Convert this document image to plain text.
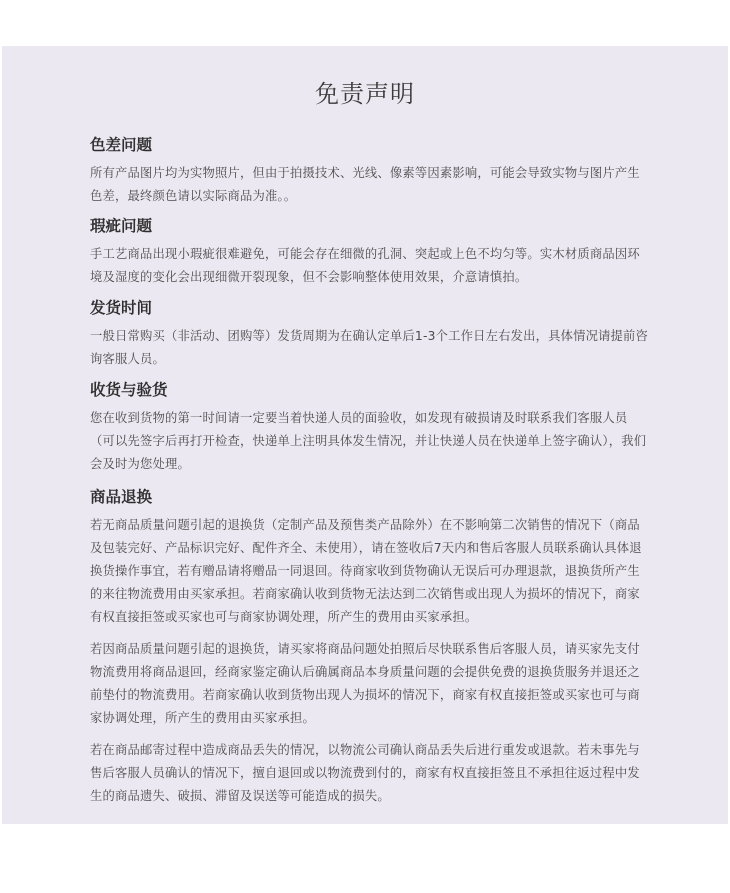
免责声明
色差问题

所有产品图片均为实物照片，但由于拍摄技术、光线、像素等因素影响，可能会导致实物与图片产生色差，最终颜色请以实际商品为准。。

瑕疵问题

手工艺商品出现小瑕疵很难避免，可能会存在细微的孔洞、突起或上色不均匀等。实木材质商品因环境及湿度的变化会出现细微开裂现象，但不会影响整体使用效果，介意请慎拍。

发货时间

一般日常购买（非活动、团购等）发货周期为在确认定单后1-3个工作日左右发出，具体情况请提前咨询客服人员。

收货与验货

您在收到货物的第一时间请一定要当着快递人员的面验收，如发现有破损请及时联系我们客服人员（可以先签字后再打开检查，快递单上注明具体发生情况，并让快递人员在快递单上签字确认），我们会及时为您处理。

商品退换

若无商品质量问题引起的退换货（定制产品及预售类产品除外）在不影响第二次销售的情况下（商品及包装完好、产品标识完好、配件齐全、未使用），请在签收后7天内和售后客服人员联系确认具体退换货操作事宜，若有赠品请将赠品一同退回。待商家收到货物确认无误后可办理退款，退换货所产生的来往物流费用由买家承担。若商家确认收到货物无法达到二次销售或出现人为损坏的情况下，商家有权直接拒签或买家也可与商家协调处理，所产生的费用由买家承担。

若因商品质量问题引起的退换货，请买家将商品问题处拍照后尽快联系售后客服人员，请买家先支付物流费用将商品退回，经商家鉴定确认后确属商品本身质量问题的会提供免费的退换货服务并退还之前垫付的物流费用。若商家确认收到货物出现人为损坏的情况下，商家有权直接拒签或买家也可与商家协调处理，所产生的费用由买家承担。

若在商品邮寄过程中造成商品丢失的情况，以物流公司确认商品丢失后进行重发或退款。若未事先与售后客服人员确认的情况下，擅自退回或以物流费到付的，商家有权直接拒签且不承担往返过程中发生的商品遗失、破损、滞留及误送等可能造成的损失。
